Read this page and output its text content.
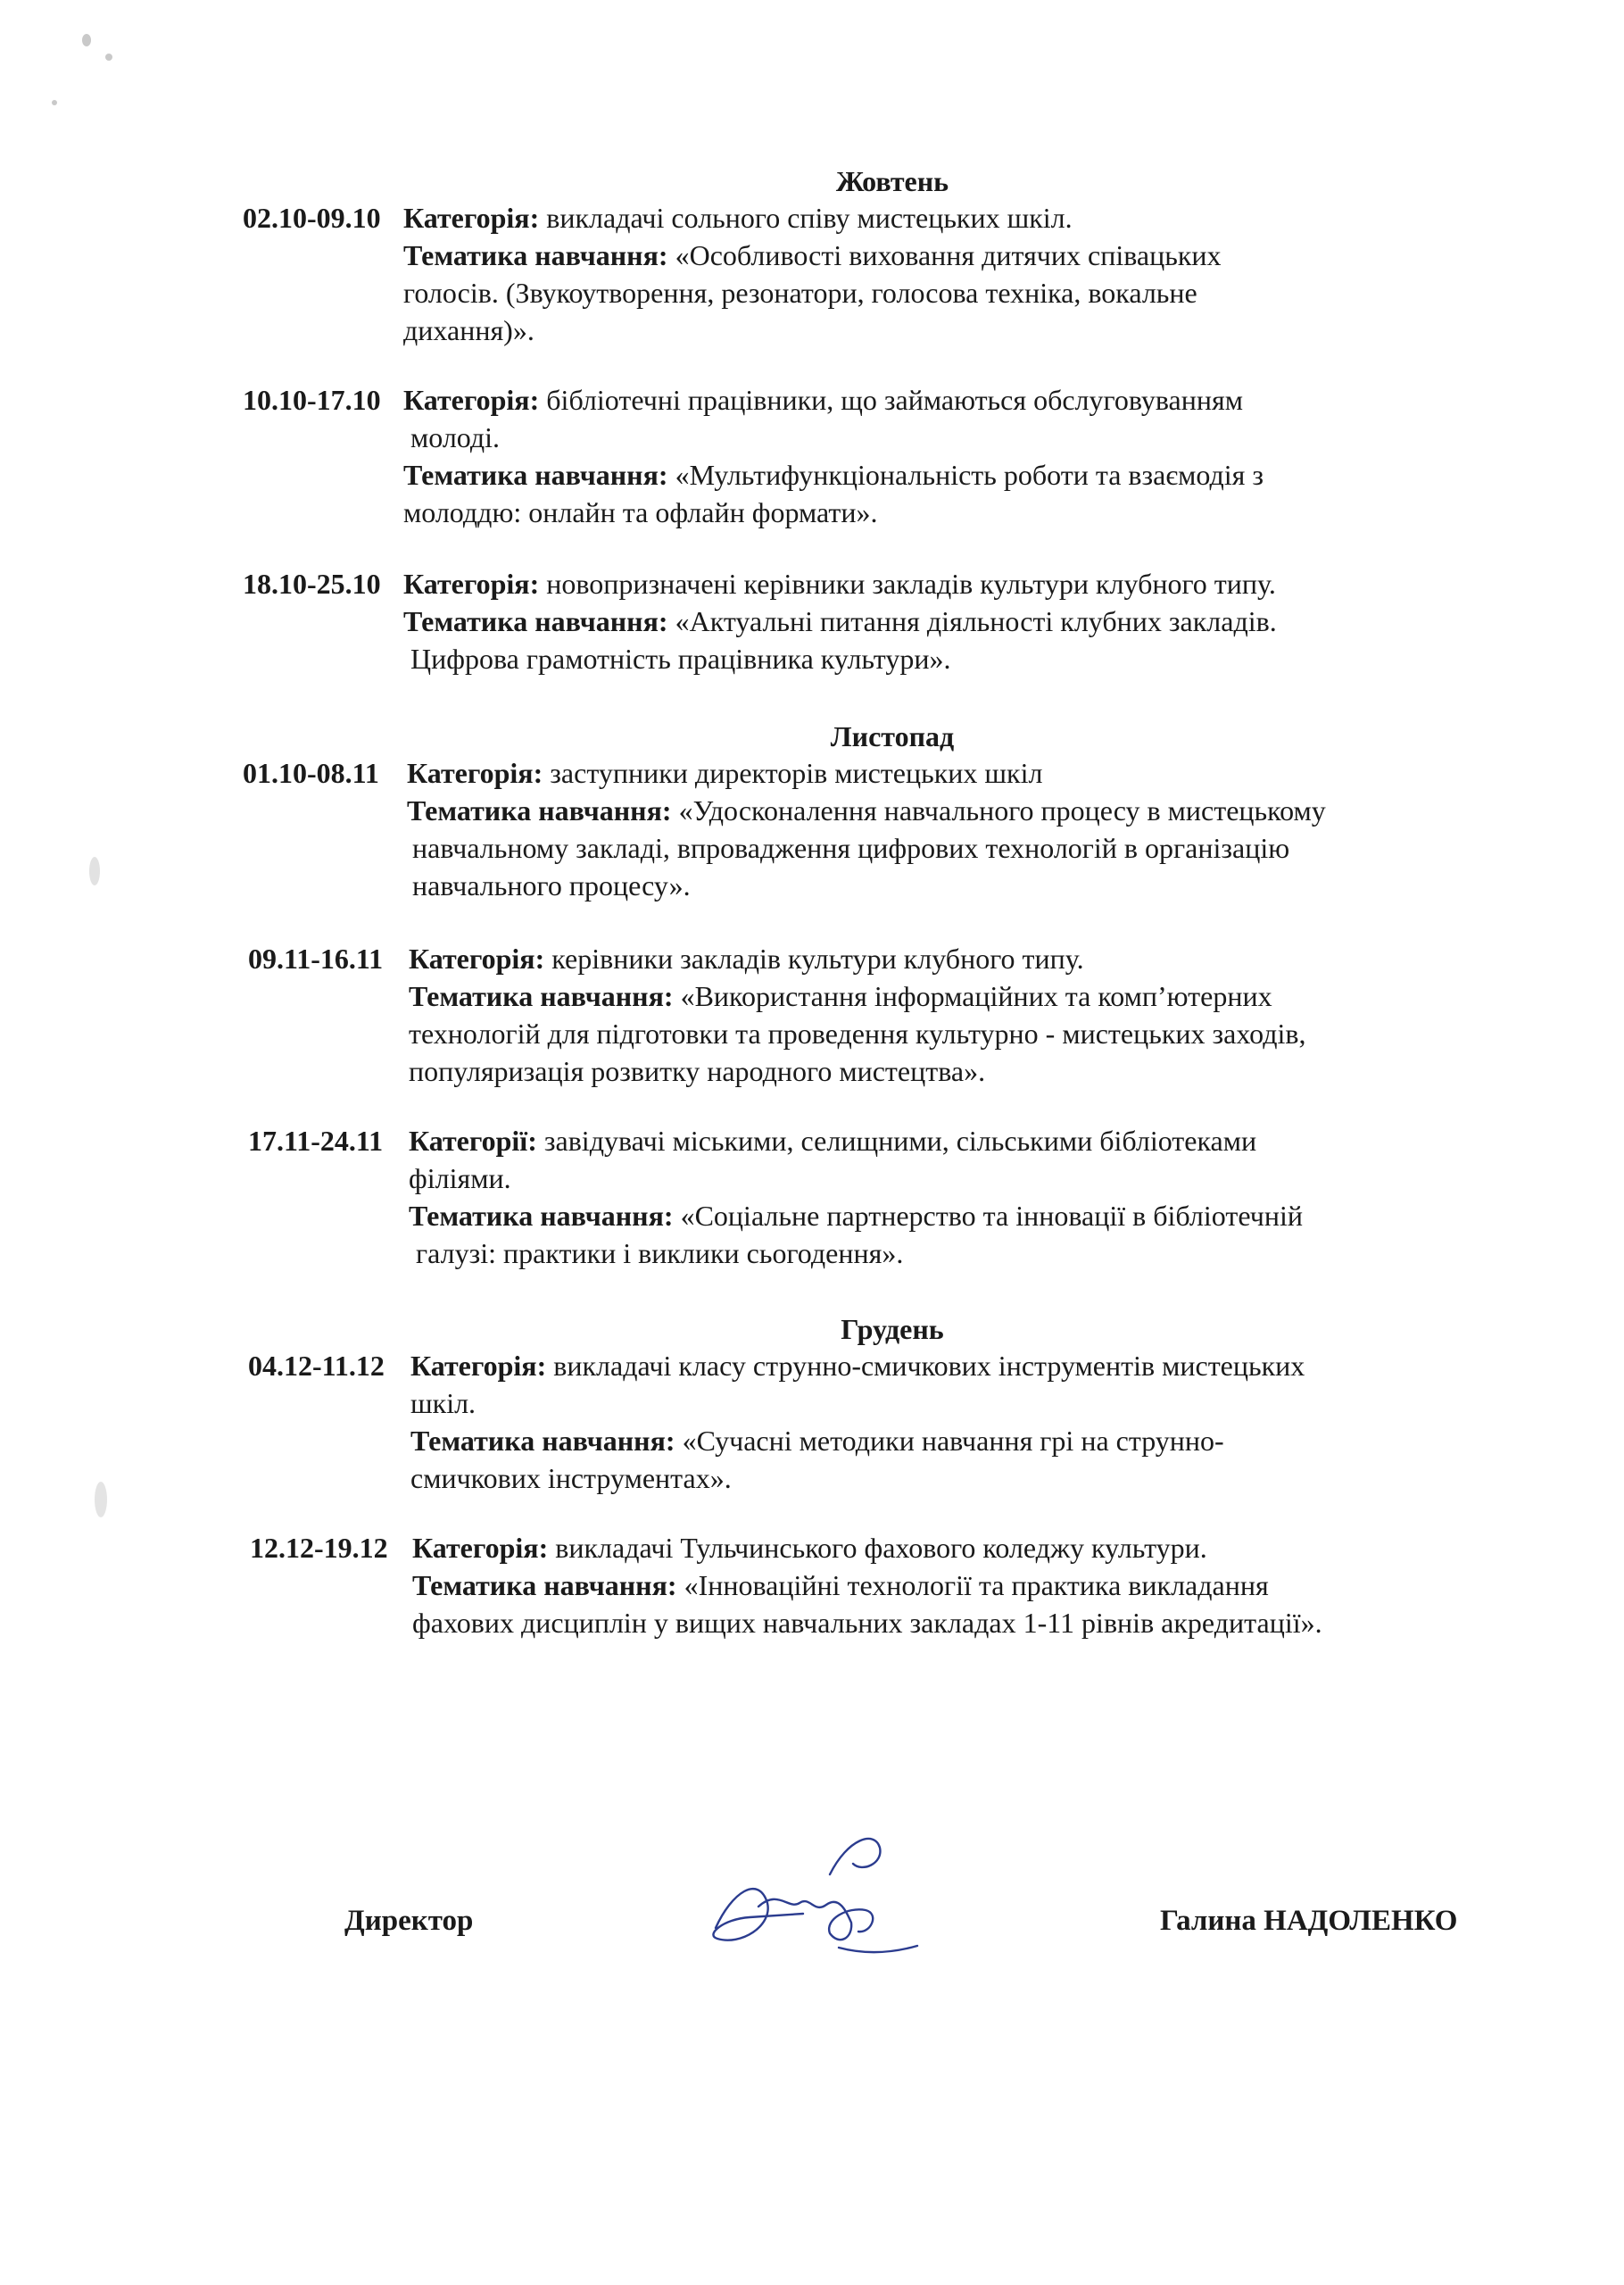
Жовтень
02.10-09.10 Категорія: викладачі сольного співу мистецьких шкіл.
Тематика навчання: «Особливості виховання дитячих співацьких
голосів. (Звукоутворення, резонатори, голосова техніка, вокальне
дихання)».
10.10-17.10 Категорія: бібліотечні працівники, що займаються обслуговуванням
молоді.
Тематика навчання: «Мультифункціональність роботи та взаємодія з
молоддю: онлайн та офлайн формати».
18.10-25.10 Категорія: новопризначені керівники закладів культури клубного типу.
Тематика навчання: «Актуальні питання діяльності клубних закладів.
Цифрова грамотність працівника культури».
Листопад
01.10-08.11 Категорія: заступники директорів мистецьких шкіл
Тематика навчання: «Удосконалення навчального процесу в мистецькому
навчальному закладі, впровадження цифрових технологій в організацію
навчального процесу».
09.11-16.11 Категорія: керівники закладів культури клубного типу.
Тематика навчання: «Використання інформаційних та комп’ютерних
технологій для підготовки та проведення культурно - мистецьких заходів,
популяризація розвитку народного мистецтва».
17.11-24.11 Категорії: завідувачі міськими, селищними, сільськими бібліотеками
філіями.
Тематика навчання: «Соціальне партнерство та інновації в бібліотечній
галузі: практики і виклики сьогодення».
Грудень
04.12-11.12 Категорія: викладачі класу струнно-смичкових інструментів мистецьких
шкіл.
Тематика навчання: «Сучасні методики навчання грі на струнно-
смичкових інструментах».
12.12-19.12 Категорія: викладачі Тульчинського фахового коледжу культури.
Тематика навчання: «Інноваційні технології та практика викладання
фахових дисциплін у вищих навчальних закладах 1-11 рівнів акредитації».
Директор	Галина НАДОЛЕНКО
